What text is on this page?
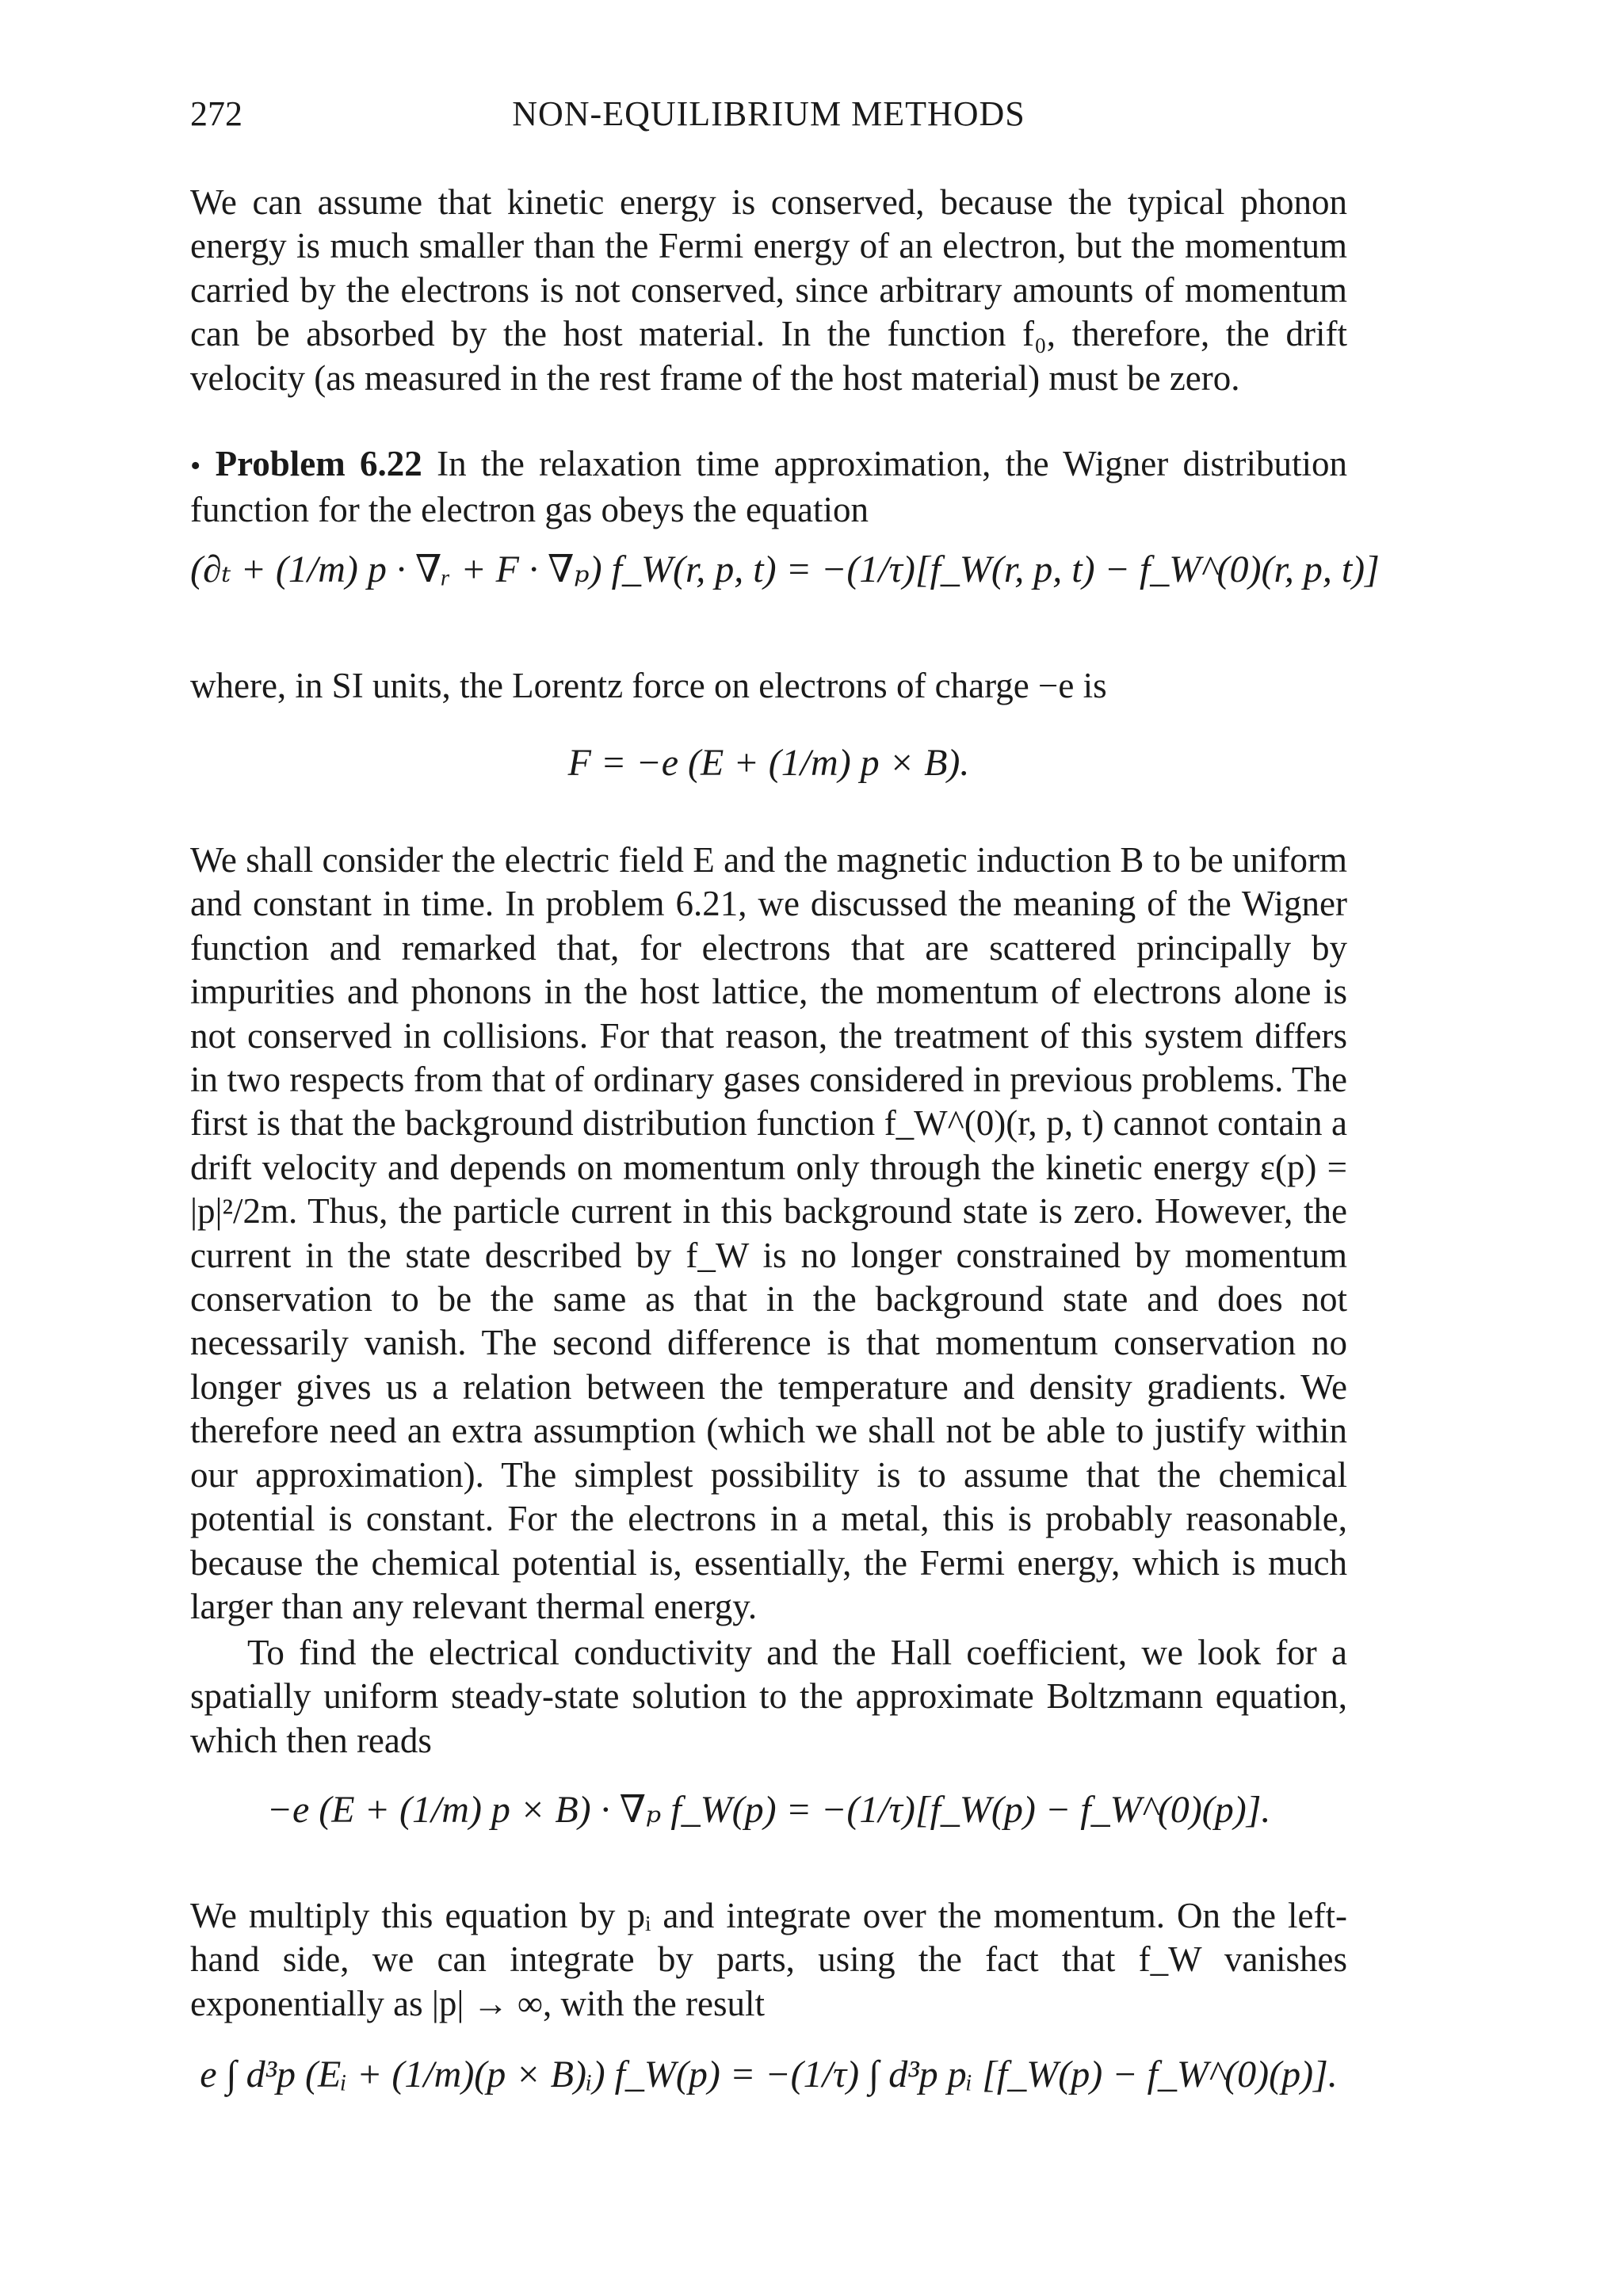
272	NON-EQUILIBRIUM METHODS

We can assume that kinetic energy is conserved, because the typical phonon energy is much smaller than the Fermi energy of an electron, but the momentum carried by the electrons is not conserved, since arbitrary amounts of momentum can be absorbed by the host material. In the function f₀, therefore, the drift velocity (as measured in the rest frame of the host material) must be zero.

• Problem 6.22 In the relaxation time approximation, the Wigner distribution function for the electron gas obeys the equation

(∂ₜ + (1/m) p · ∇ᵣ + F · ∇ₚ) f_W(r, p, t) = −(1/τ)[f_W(r, p, t) − f_W^(0)(r, p, t)]

where, in SI units, the Lorentz force on electrons of charge −e is

F = −e (E + (1/m) p × B).

We shall consider the electric field E and the magnetic induction B to be uniform and constant in time. In problem 6.21, we discussed the meaning of the Wigner function and remarked that, for electrons that are scattered principally by impurities and phonons in the host lattice, the momentum of electrons alone is not conserved in collisions. For that reason, the treatment of this system differs in two respects from that of ordinary gases considered in previous problems. The first is that the background distribution function f_W^(0)(r, p, t) cannot contain a drift velocity and depends on momentum only through the kinetic energy ε(p) = |p|²/2m. Thus, the particle current in this background state is zero. However, the current in the state described by f_W is no longer constrained by momentum conservation to be the same as that in the background state and does not necessarily vanish. The second difference is that momentum conservation no longer gives us a relation between the temperature and density gradients. We therefore need an extra assumption (which we shall not be able to justify within our approximation). The simplest possibility is to assume that the chemical potential is constant. For the electrons in a metal, this is probably reasonable, because the chemical potential is, essentially, the Fermi energy, which is much larger than any relevant thermal energy.

To find the electrical conductivity and the Hall coefficient, we look for a spatially uniform steady-state solution to the approximate Boltzmann equation, which then reads

−e (E + (1/m) p × B) · ∇ₚ f_W(p) = −(1/τ)[f_W(p) − f_W^(0)(p)].

We multiply this equation by pᵢ and integrate over the momentum. On the left-hand side, we can integrate by parts, using the fact that f_W vanishes exponentially as |p| → ∞, with the result

e ∫ d³p (Eᵢ + (1/m)(p × B)ᵢ) f_W(p) = −(1/τ) ∫ d³p pᵢ [f_W(p) − f_W^(0)(p)].
